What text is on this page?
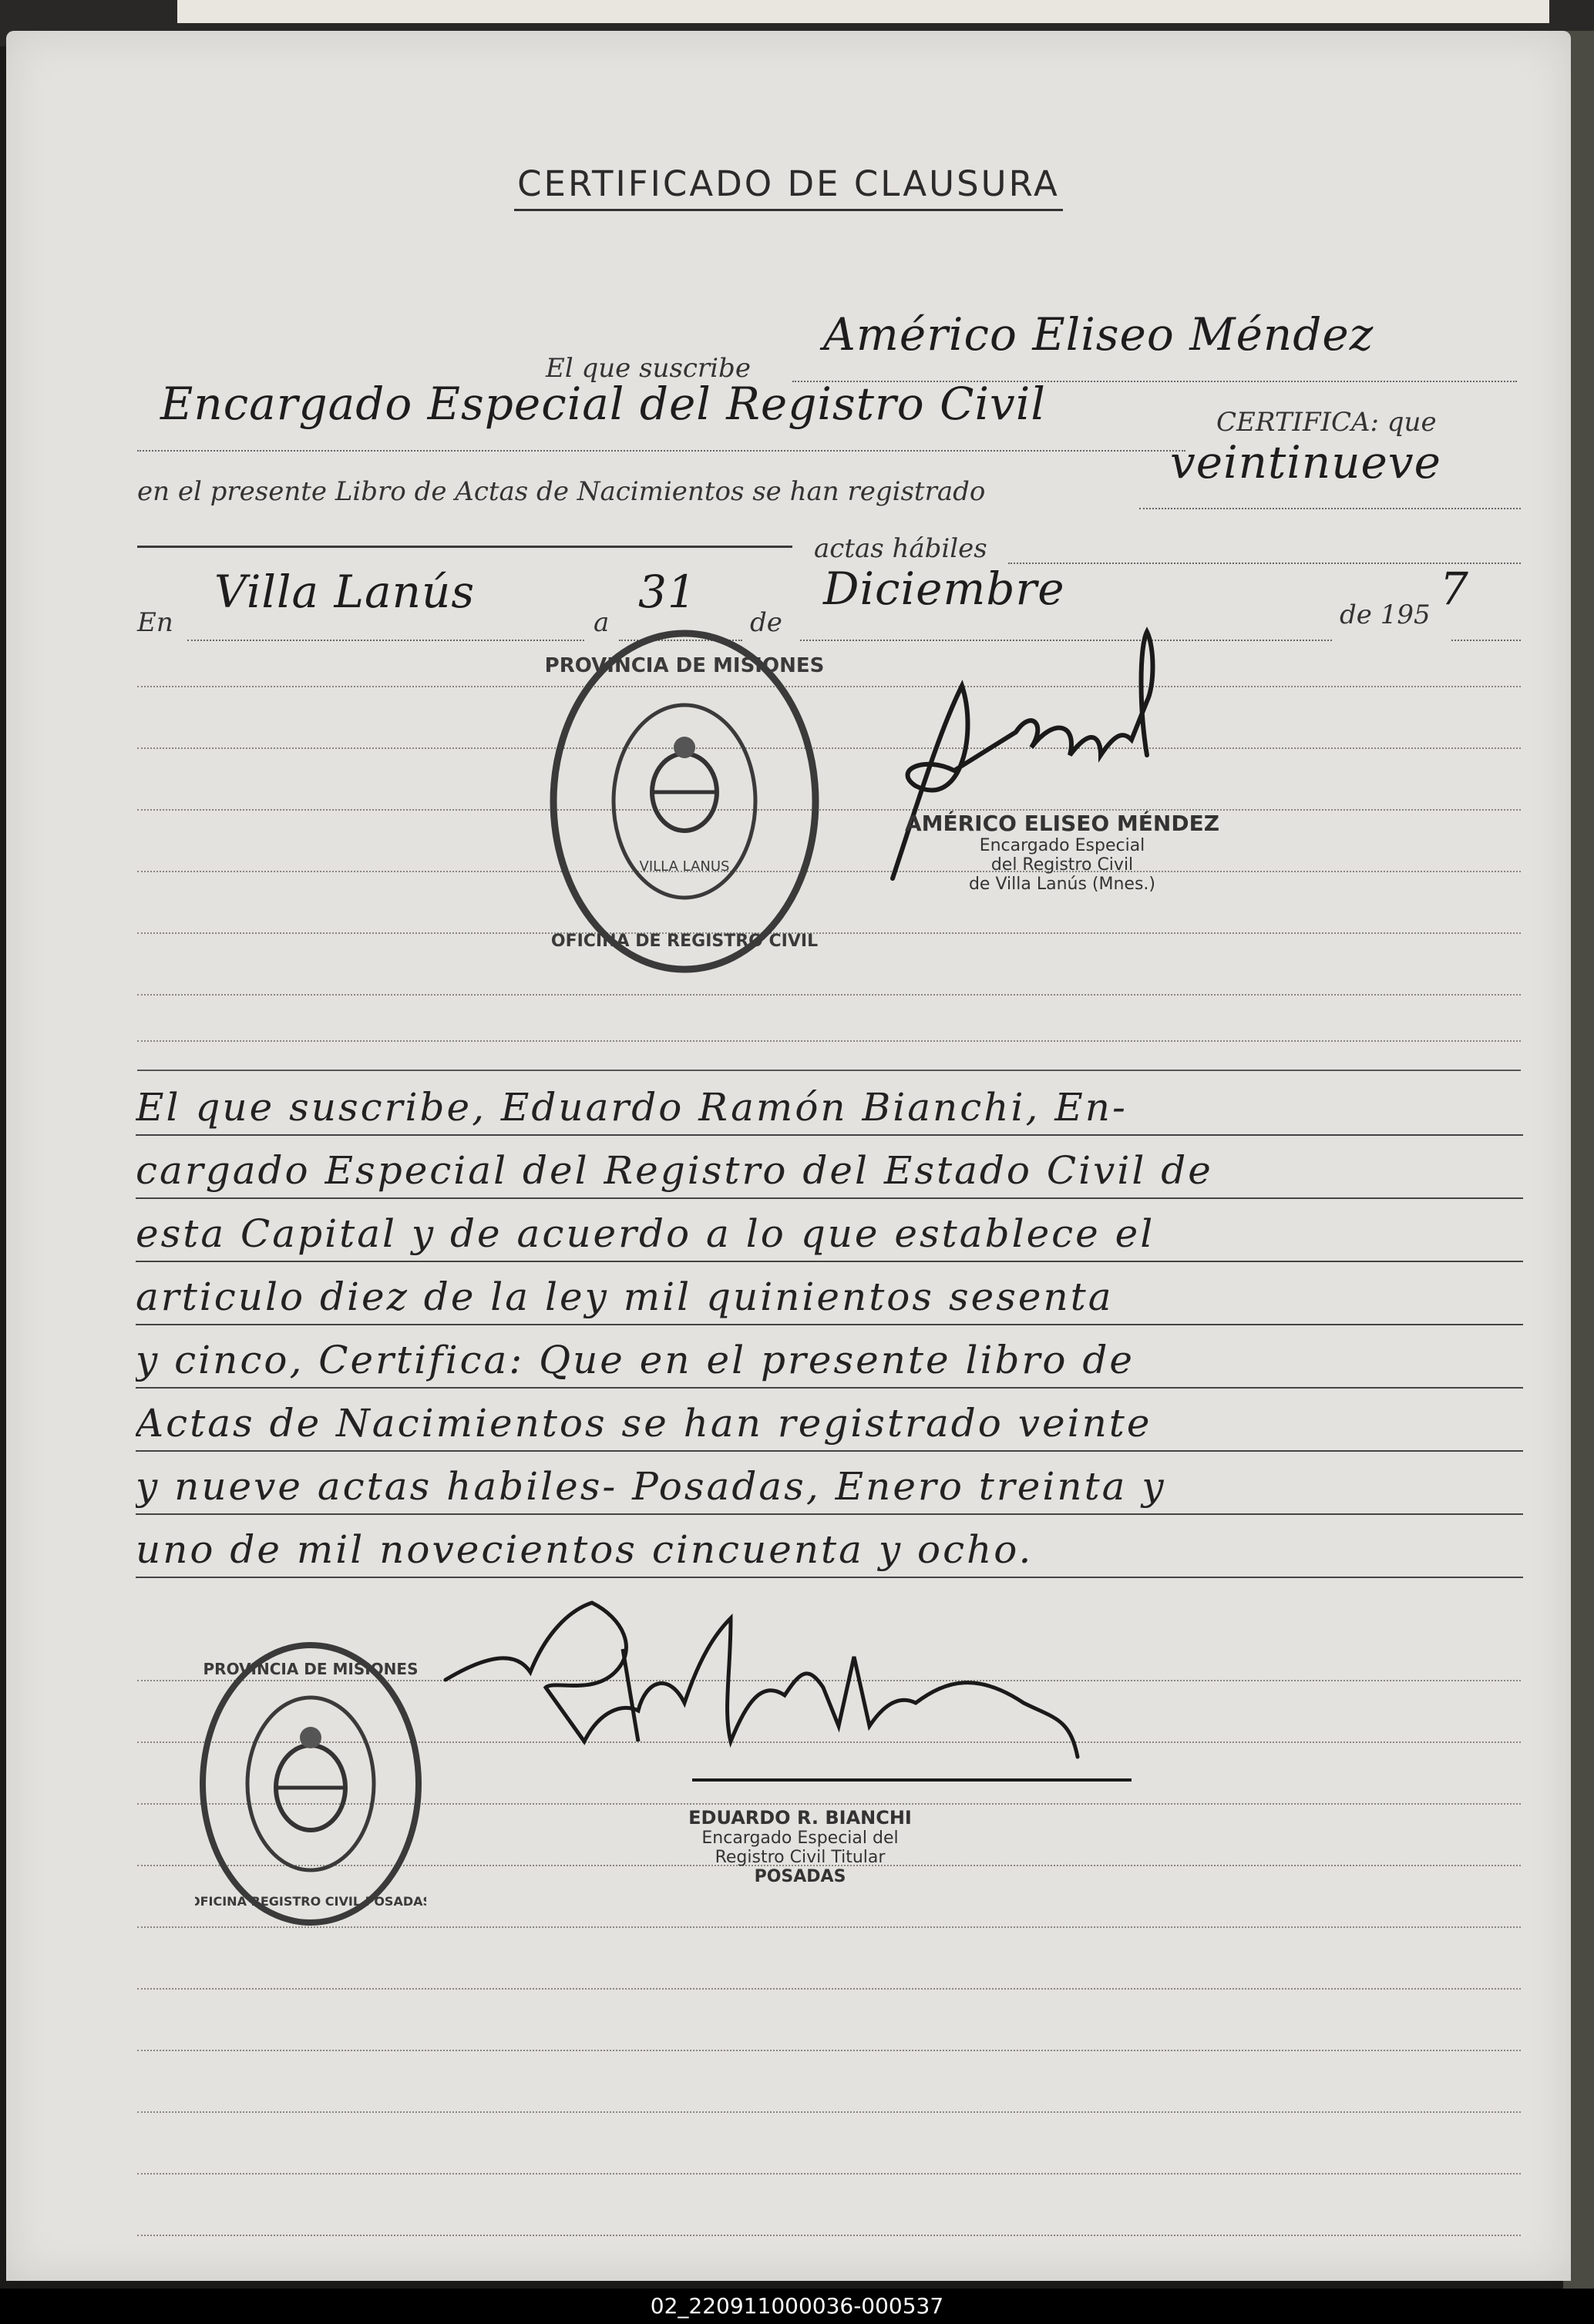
CERTIFICADO DE CLAUSURA
El que suscribe
Américo Eliseo Méndez
Encargado Especial del Registro Civil	CERTIFICA: que
en el presente Libro de Actas de Nacimientos se han registrado
veintinueve
actas hábiles
En
Villa Lanús
a
31
de
Diciembre	de 195 7
PROVINCIA DE MISIONES
OFICINA DE REGISTRO CIVIL
VILLA LANUS
AMÉRICO ELISEO MÉNDEZ
Encargado Especial
del Registro Civil
de Villa Lanús (Mnes.)
El que suscribe, Eduardo Ramón Bianchi, En-
cargado Especial del Registro del Estado Civil de
esta Capital y de acuerdo a lo que establece el
articulo diez de la ley mil quinientos sesenta
y cinco, Certifica: Que en el presente libro de
Actas de Nacimientos se han registrado veinte
y nueve actas habiles- Posadas, Enero treinta y
uno de mil novecientos cincuenta y ocho.
PROVINCIA DE MISIONES
OFICINA REGISTRO CIVIL POSADAS
EDUARDO R. BIANCHI
Encargado Especial del
Registro Civil Titular
POSADAS
02_220911000036-000537
